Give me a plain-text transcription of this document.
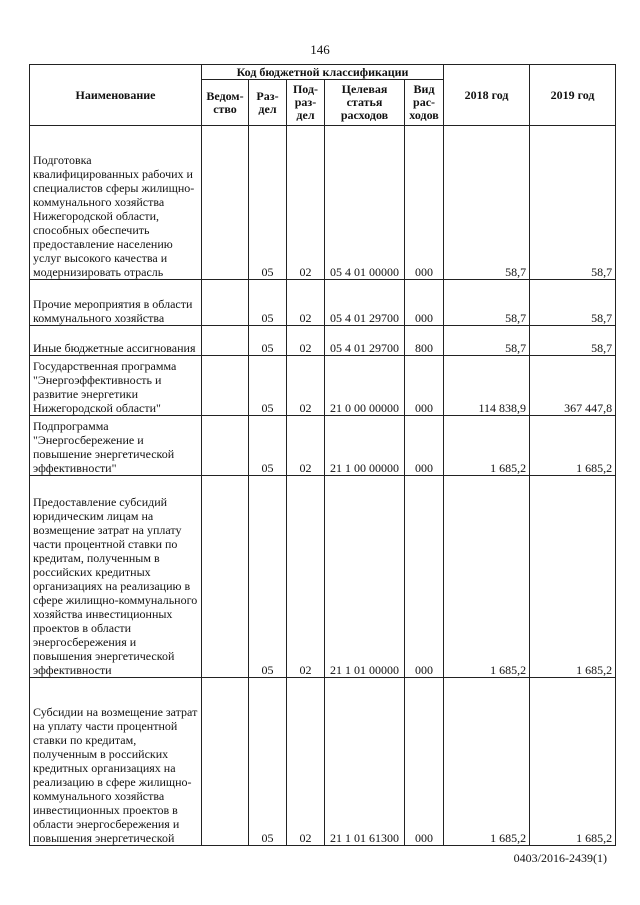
146
Наименование	Код бюджетной классификации					2018 год	2019 год
	Ведом-ство	Раз-дел	Под-раз-дел	Целевая статья расходов	Вид рас-ходов		
Подготовка квалифицированных рабочих и специалистов сферы жилищно-коммунального хозяйства Нижегородской области, способных обеспечить предоставление населению услуг высокого качества и модернизировать отрасль		05	02	05 4 01 00000	000	58,7	58,7
Прочие мероприятия в области коммунального хозяйства		05	02	05 4 01 29700	000	58,7	58,7
Иные бюджетные ассигнования		05	02	05 4 01 29700	800	58,7	58,7
Государственная программа "Энергоэффективность и развитие энергетики Нижегородской области"		05	02	21 0 00 00000	000	114 838,9	367 447,8
Подпрограмма "Энергосбережение и повышение энергетической эффективности"		05	02	21 1 00 00000	000	1 685,2	1 685,2
Предоставление субсидий юридическим лицам на возмещение затрат на уплату части процентной ставки по кредитам, полученным в российских кредитных организациях на реализацию в сфере жилищно-коммунального хозяйства инвестиционных проектов в области энергосбережения и повышения энергетической эффективности		05	02	21 1 01 00000	000	1 685,2	1 685,2
Субсидии на возмещение затрат на уплату части процентной ставки по кредитам, полученным в российских кредитных организациях на реализацию в сфере жилищно-коммунального хозяйства инвестиционных проектов в области энергосбережения и повышения энергетической		05	02	21 1 01 61300	000	1 685,2	1 685,2
0403/2016-2439(1)
